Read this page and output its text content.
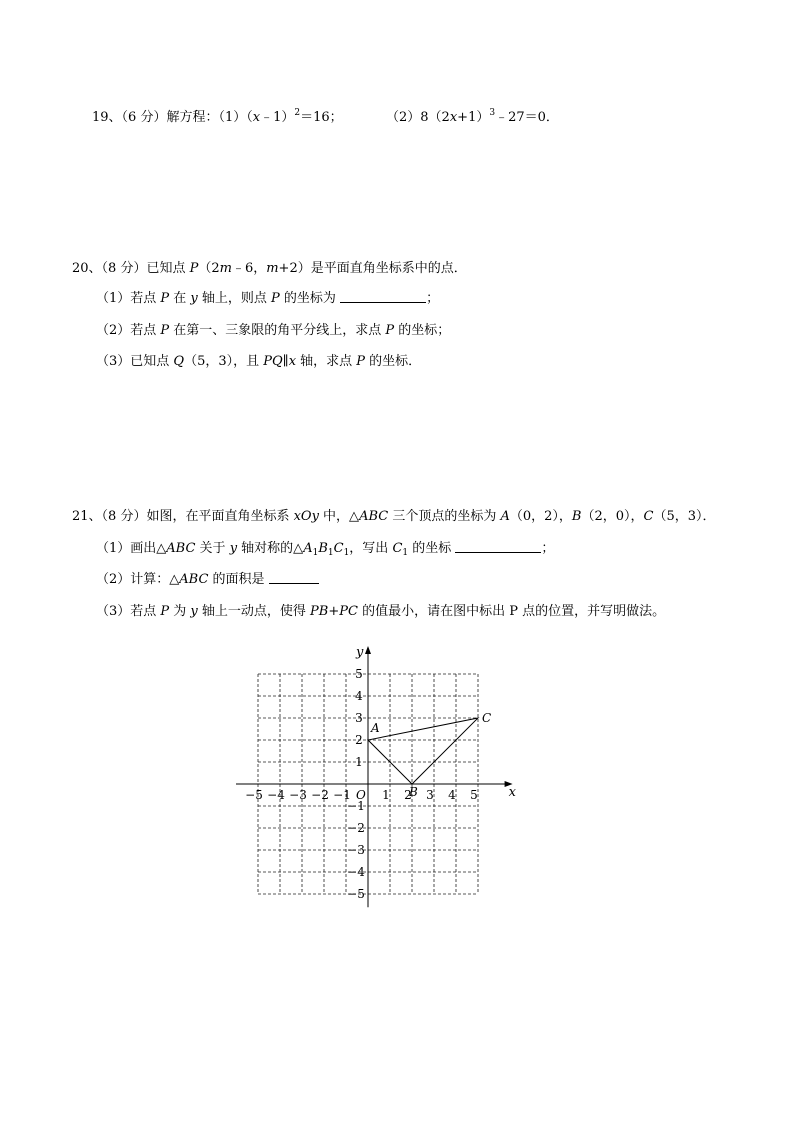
19、（6 分）解方程：（1）（x﹣1）$^2$＝16；	$(2)8(2x+1)^3﹣27=0$．
20、（8 分）已知点 P（2m﹣6，m+2）是平面直角坐标系中的点．
（1）若点 P 在 y 轴上，则点 P 的坐标为	；
（2）若点 P 在第一、三象限的角平分线上，求点 P 的坐标；
（3）已知点 Q（5，3），且 PQ∥x 轴，求点 P 的坐标．
21、（8 分）如图，在平面直角坐标系 xOy 中，△ABC 三个顶点的坐标为 A（0，2），B（2，0），C（5，3）．
（1）画出△ABC 关于 y 轴对称的$\triangle A_1B_1C_1$，写出 $C_1$ 的坐标	；
（2）计算：△ABC 的面积是
（3）若点 P 为 y 轴上一动点，使得 PB+PC 的值最小，请在图中标出 P 点的位置，并写明做法。
−5 −4 −3 −2 −1	1 2 3 4 5
1
2
3
4
5
−1
−2
−3
−4
−5
A
B
C
x
y
O
